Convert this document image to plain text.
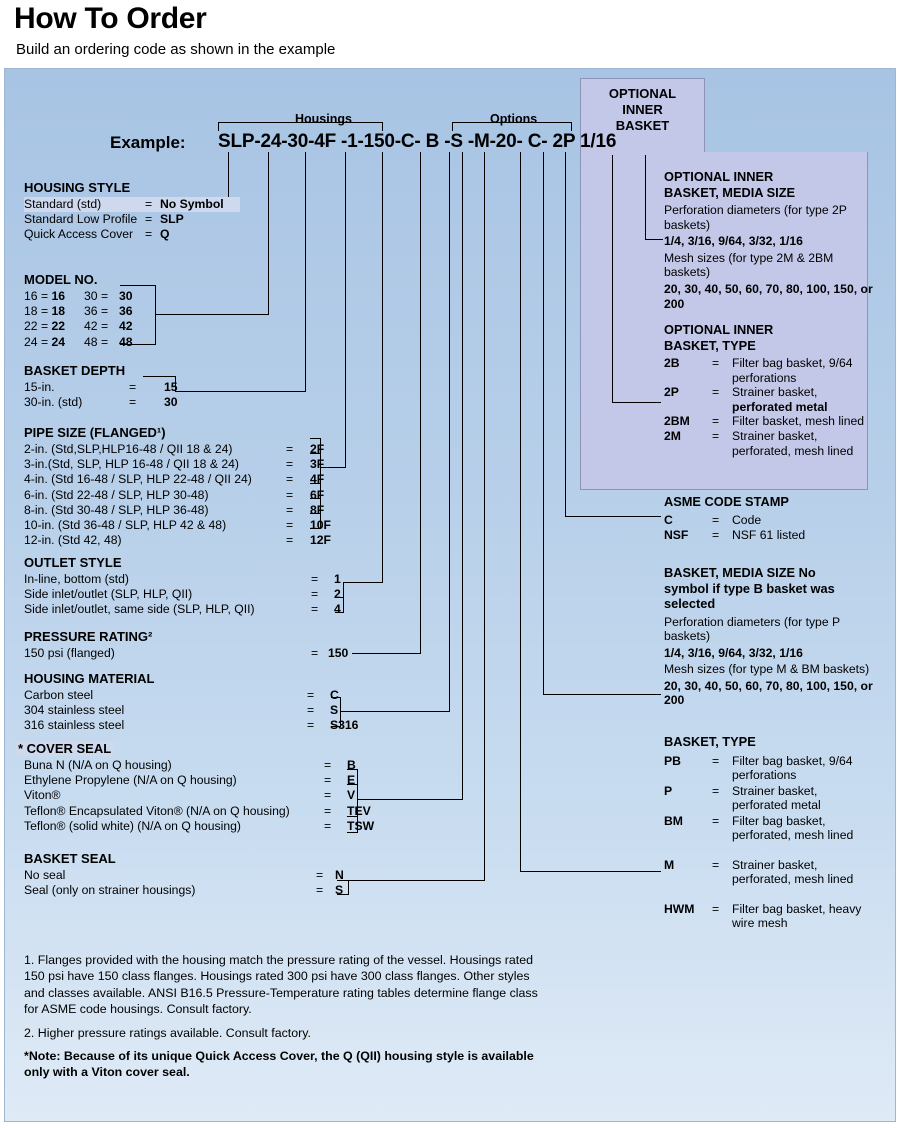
How To Order
Build an ordering code as shown in the example
Housings	Options
OPTIONAL
INNER
BASKET
Example: SLP-24-30-4F -1-150-C- B -S -M-20- C- 2P 1/16
HOUSING STYLE
Standard (std)	= No Symbol
Standard Low Profile = SLP
Quick Access Cover = Q
MODEL NO.
16 = 16 30 = 30
18 = 18 36 = 36
22 = 22 42 = 42
24 = 24 48 = 48
BASKET DEPTH
15-in.	= 15
30-in. (std)	= 30
PIPE SIZE (FLANGED¹)
2-in. (Std,SLP,HLP16-48 / QII 18 & 24)	= 2F
3-in.(Std, SLP, HLP 16-48 / QII 18 & 24)	= 3F
4-in. (Std 16-48 / SLP, HLP 22-48 / QII 24)	= 4F
6-in. (Std 22-48 / SLP, HLP 30-48)	= 6F
8-in. (Std 30-48 / SLP, HLP 36-48)	= 8F
10-in. (Std 36-48 / SLP, HLP 42 & 48)	= 10F
12-in. (Std 42, 48)	= 12F
OUTLET STYLE
In-line, bottom (std)	= 1
Side inlet/outlet (SLP, HLP, QII)	= 2
Side inlet/outlet, same side (SLP, HLP, QII)	= 4
PRESSURE RATING²
150 psi (flanged)	= 150
HOUSING MATERIAL
Carbon steel	= C
304 stainless steel	= S
316 stainless steel	= S316
* COVER SEAL
Buna N (N/A on Q housing)	= B
Ethylene Propylene (N/A on Q housing)	= E
Viton®	= V
Teflon® Encapsulated Viton® (N/A on Q housing)	= TEV
Teflon® (solid white) (N/A on Q housing)	= TSW
BASKET SEAL
No seal	= N
Seal (only on strainer housings)	= S
OPTIONAL INNER
BASKET, MEDIA SIZE
Perforation diameters (for type 2P baskets)
1/4, 3/16, 9/64, 3/32, 1/16
Mesh sizes (for type 2M & 2BM baskets)
20, 30, 40, 50, 60, 70, 80, 100, 150, or 200
OPTIONAL INNER
BASKET, TYPE
2B	= Filter bag basket, 9/64 perforations
2P	= Strainer basket,
perforated metal
2BM = Filter basket, mesh lined
2M	= Strainer basket, perforated, mesh lined
ASME CODE STAMP
C	= Code
NSF = NSF 61 listed
BASKET, MEDIA SIZE No
symbol if type B basket was
selected
Perforation diameters (for type P baskets)
1/4, 3/16, 9/64, 3/32, 1/16
Mesh sizes (for type M & BM baskets)
20, 30, 40, 50, 60, 70, 80, 100, 150, or 200
BASKET, TYPE
PB	= Filter bag basket, 9/64 perforations
P	= Strainer basket, perforated metal
BM = Filter bag basket, perforated, mesh lined
M	= Strainer basket, perforated, mesh lined
HWM = Filter bag basket, heavy wire mesh

1. Flanges provided with the housing match the pressure rating of the vessel. Housings rated 150 psi have 150 class flanges. Housings rated 300 psi have 300 class flanges. Other styles and classes available. ANSI B16.5 Pressure-Temperature rating tables determine flange class for ASME code housings. Consult factory.

2. Higher pressure ratings available. Consult factory.

*Note: Because of its unique Quick Access Cover, the Q (QII) housing style is available only with a Viton cover seal.
